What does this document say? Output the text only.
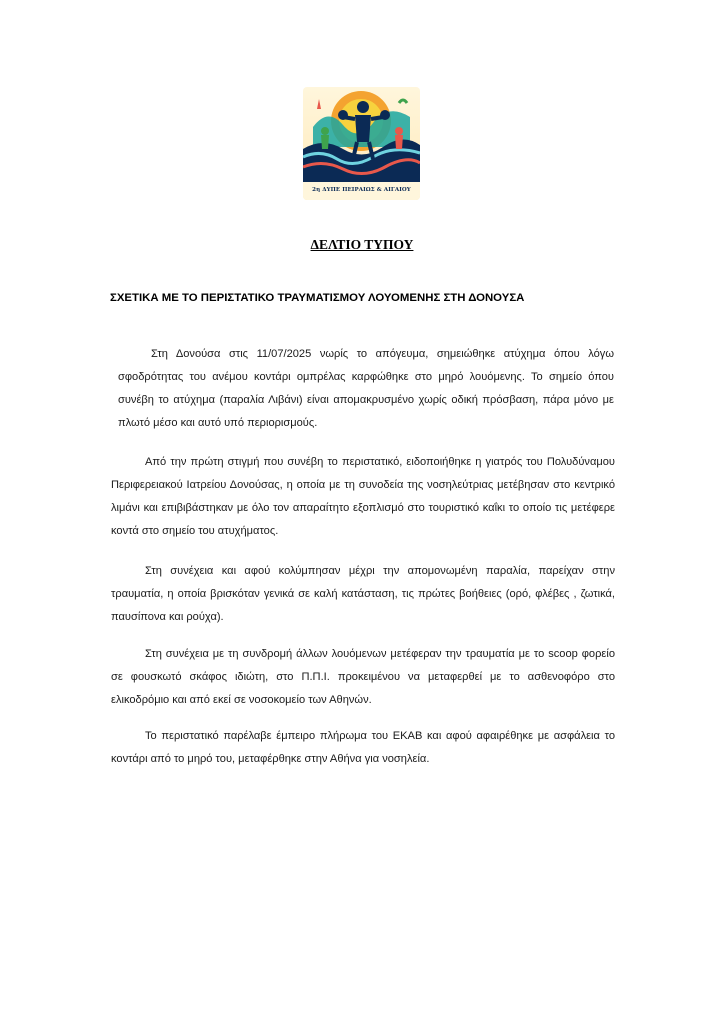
2η ΔΥΠΕ ΠΕΙΡΑΙΩΣ & ΑΙΓΑΙΟΥ
ΔΕΛΤΙΟ ΤΥΠΟΥ
ΣΧΕΤΙΚΑ ΜΕ ΤΟ ΠΕΡΙΣΤΑΤΙΚΟ ΤΡΑΥΜΑΤΙΣΜΟΥ ΛΟΥΟΜΕΝΗΣ ΣΤΗ ΔΟΝΟΥΣΑ

Στη Δονούσα στις 11/07/2025 νωρίς το απόγευμα, σημειώθηκε ατύχημα όπου λόγω σφοδρότητας του ανέμου κοντάρι ομπρέλας καρφώθηκε στο μηρό λουόμενης. Το σημείο όπου συνέβη το ατύχημα (παραλία Λιβάνι) είναι απομακρυσμένο χωρίς οδική πρόσβαση, πάρα μόνο με πλωτό μέσο και αυτό υπό περιορισμούς.

Από την πρώτη στιγμή που συνέβη το περιστατικό, ειδοποιήθηκε η γιατρός του Πολυδύναμου Περιφερειακού Ιατρείου Δονούσας, η οποία με τη συνοδεία της νοσηλεύτριας μετέβησαν στο κεντρικό λιμάνι και επιβιβάστηκαν με όλο τον απαραίτητο εξοπλισμό στο τουριστικό καΐκι το οποίο τις μετέφερε κοντά στο σημείο του ατυχήματος.

Στη συνέχεια και αφού κολύμπησαν μέχρι την απομονωμένη παραλία, παρείχαν στην τραυματία, η οποία βρισκόταν γενικά σε καλή κατάσταση, τις πρώτες βοήθειες (ορό, φλέβες , ζωτικά, παυσίπονα και ρούχα).

Στη συνέχεια με τη συνδρομή άλλων λουόμενων μετέφεραν την τραυματία με το scoop φορείο σε φουσκωτό σκάφος ιδιώτη, στο Π.Π.Ι. προκειμένου να μεταφερθεί με το ασθενοφόρο στο ελικοδρόμιο και από εκεί σε νοσοκομείο των Αθηνών.

Το περιστατικό παρέλαβε έμπειρο πλήρωμα του ΕΚΑΒ και αφού αφαιρέθηκε με ασφάλεια το κοντάρι από το μηρό του, μεταφέρθηκε στην Αθήνα για νοσηλεία.
